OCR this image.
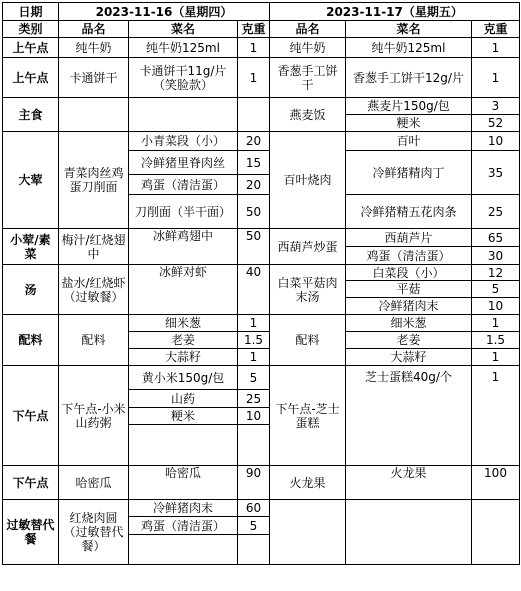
日期	2023-11-16（星期四）			2023-11-17（星期五）		
类别	品名	菜名	克重	品名	菜名	克重
上午点	纯牛奶	纯牛奶125ml	1	纯牛奶	纯牛奶125ml	1
上午点	卡通饼干	卡通饼干11g/片（笑脸款）	1	香葱手工饼干	香葱手工饼干12g/片	1
主食				燕麦饭	燕麦片150g/包	3
					粳米	52
大荤	青菜肉丝鸡蛋刀削面	小青菜段（小）	20	百叶烧肉	百叶	10
		冷鲜猪里脊肉丝	15		冷鲜猪精肉丁	35
		鸡蛋（清洁蛋）	20			
		刀削面（半干面）	50		冷鲜猪精五花肉条	25
小荤/素菜	梅汁/红烧翅中	冰鲜鸡翅中	50	西葫芦炒蛋	西葫芦片	65
					鸡蛋（清洁蛋）	30
汤	盐水/红烧虾（过敏餐）	冰鲜对虾	40	白菜平菇肉末汤	白菜段（小）	12
					平菇	5
					冷鲜猪肉末	10
配料	配料	细米葱	1	配料	细米葱	1
		老姜	1.5		老姜	1.5
		大蒜籽	1		大蒜籽	1
下午点	下午点-小米山药粥	黄小米150g/包	5	下午点-芝士蛋糕	芝士蛋糕40g/个	1
		山药	25			
		粳米	10			

下午点	哈密瓜	哈密瓜	90	火龙果	火龙果	100
过敏替代餐	红烧肉圆（过敏替代餐）	冷鲜猪肉末	60			
		鸡蛋（清洁蛋）	5			
